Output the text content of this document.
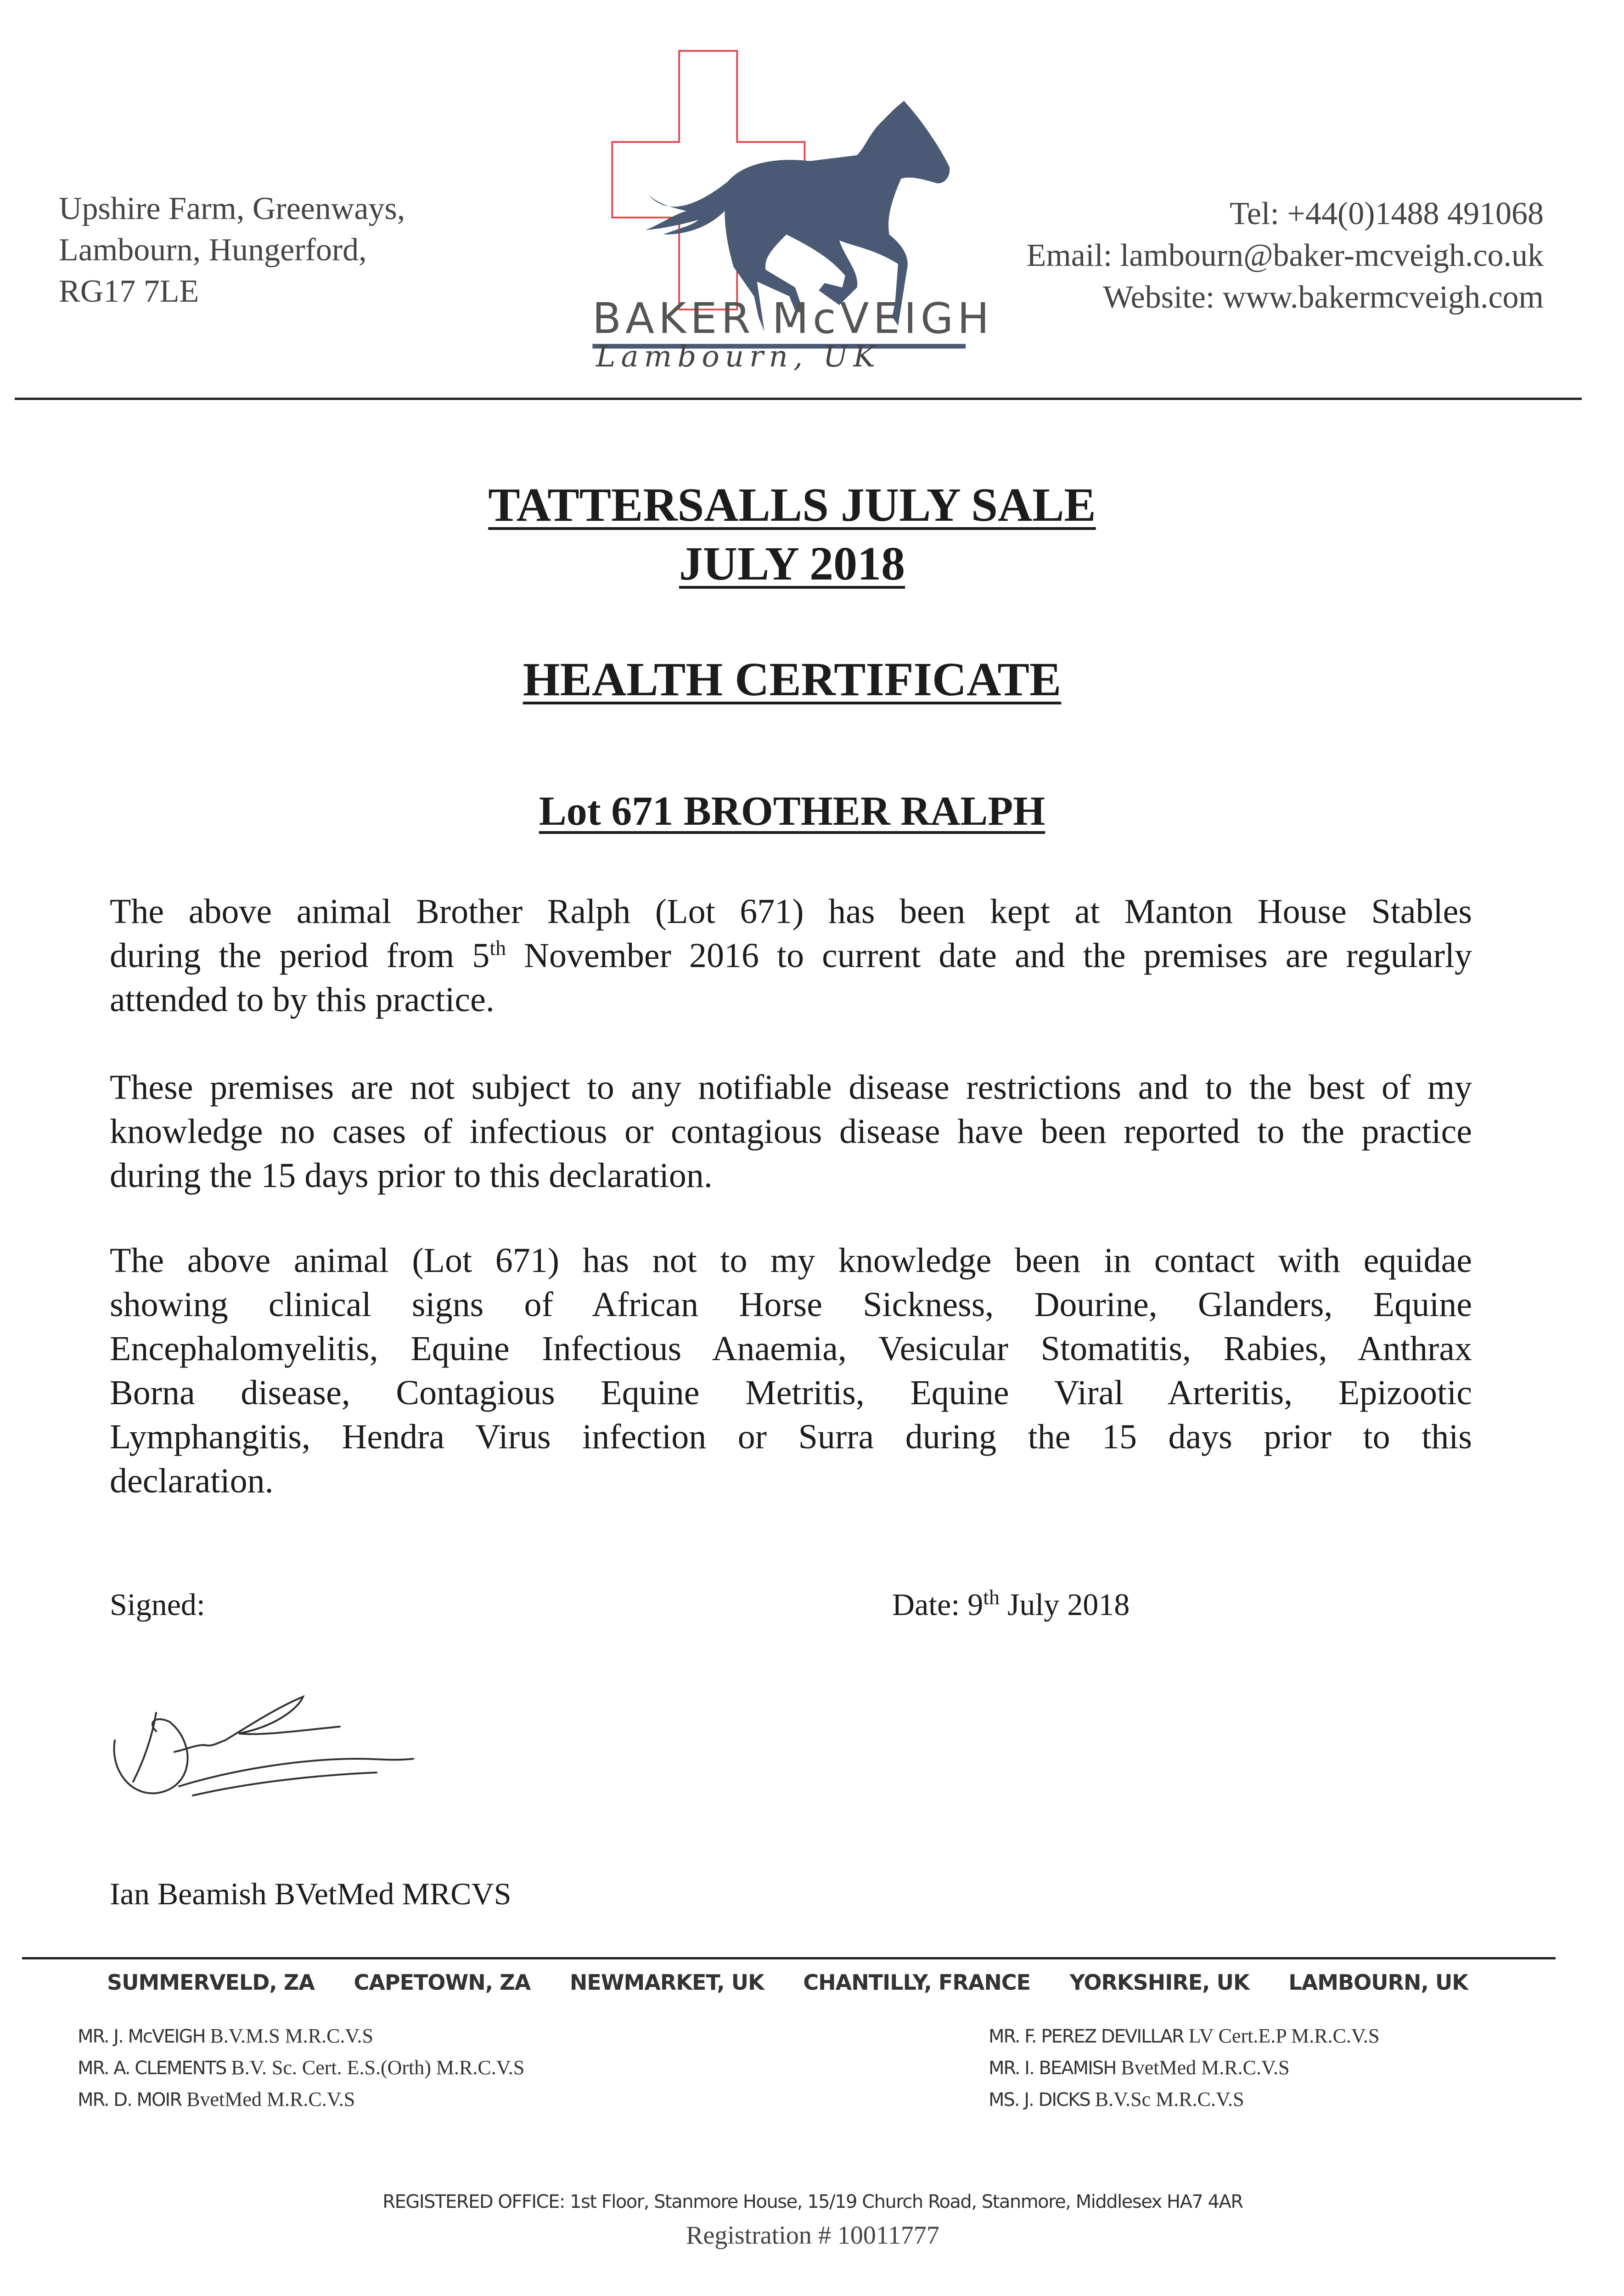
Upshire Farm, Greenways,
Lambourn, Hungerford,
RG17 7LE
BAKER McVEIGH
Lambourn, UK
Tel: +44(0)1488 491068
Email: lambourn@baker-mcveigh.co.uk
Website: www.bakermcveigh.com
TATTERSALLS JULY SALE
JULY 2018
HEALTH CERTIFICATE
Lot 671 BROTHER RALPH
The above animal Brother Ralph (Lot 671) has been kept at Manton House Stables
during the period from 5th November 2016 to current date and the premises are regularly
attended to by this practice.
These premises are not subject to any notifiable disease restrictions and to the best of my
knowledge no cases of infectious or contagious disease have been reported to the practice
during the 15 days prior to this declaration.
The above animal (Lot 671) has not to my knowledge been in contact with equidae
showing clinical signs of African Horse Sickness, Dourine, Glanders, Equine
Encephalomyelitis, Equine Infectious Anaemia, Vesicular Stomatitis, Rabies, Anthrax
Borna disease, Contagious Equine Metritis, Equine Viral Arteritis, Epizootic
Lymphangitis, Hendra Virus infection or Surra during the 15 days prior to this
declaration.
Signed:	Date: 9th July 2018
Ian Beamish BVetMed MRCVS
SUMMERVELD, ZA CAPETOWN, ZA NEWMARKET, UK CHANTILLY, FRANCE YORKSHIRE, UK LAMBOURN, UK
MR. J. McVEIGH B.V.M.S M.R.C.V.S
MR. A. CLEMENTS B.V. Sc. Cert. E.S.(Orth) M.R.C.V.S
MR. D. MOIR BvetMed M.R.C.V.S
MR. F. PEREZ DEVILLAR LV Cert.E.P M.R.C.V.S
MR. I. BEAMISH BvetMed M.R.C.V.S
MS. J. DICKS B.V.Sc M.R.C.V.S
REGISTERED OFFICE: 1st Floor, Stanmore House, 15/19 Church Road, Stanmore, Middlesex HA7 4AR
Registration # 10011777
